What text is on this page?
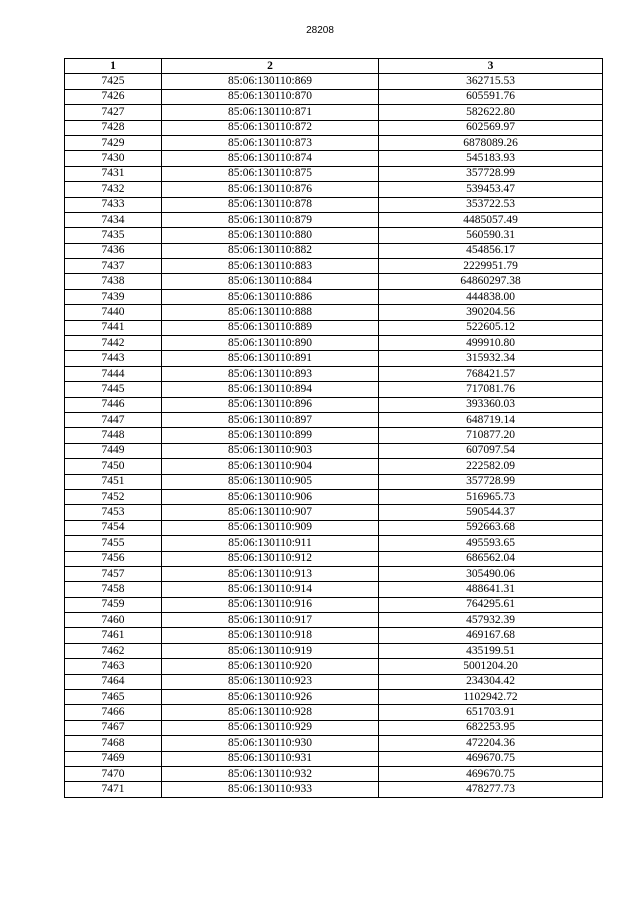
28208
1	2	3
7425	85:06:130110:869	362715.53
7426	85:06:130110:870	605591.76
7427	85:06:130110:871	582622.80
7428	85:06:130110:872	602569.97
7429	85:06:130110:873	6878089.26
7430	85:06:130110:874	545183.93
7431	85:06:130110:875	357728.99
7432	85:06:130110:876	539453.47
7433	85:06:130110:878	353722.53
7434	85:06:130110:879	4485057.49
7435	85:06:130110:880	560590.31
7436	85:06:130110:882	454856.17
7437	85:06:130110:883	2229951.79
7438	85:06:130110:884	64860297.38
7439	85:06:130110:886	444838.00
7440	85:06:130110:888	390204.56
7441	85:06:130110:889	522605.12
7442	85:06:130110:890	499910.80
7443	85:06:130110:891	315932.34
7444	85:06:130110:893	768421.57
7445	85:06:130110:894	717081.76
7446	85:06:130110:896	393360.03
7447	85:06:130110:897	648719.14
7448	85:06:130110:899	710877.20
7449	85:06:130110:903	607097.54
7450	85:06:130110:904	222582.09
7451	85:06:130110:905	357728.99
7452	85:06:130110:906	516965.73
7453	85:06:130110:907	590544.37
7454	85:06:130110:909	592663.68
7455	85:06:130110:911	495593.65
7456	85:06:130110:912	686562.04
7457	85:06:130110:913	305490.06
7458	85:06:130110:914	488641.31
7459	85:06:130110:916	764295.61
7460	85:06:130110:917	457932.39
7461	85:06:130110:918	469167.68
7462	85:06:130110:919	435199.51
7463	85:06:130110:920	5001204.20
7464	85:06:130110:923	234304.42
7465	85:06:130110:926	1102942.72
7466	85:06:130110:928	651703.91
7467	85:06:130110:929	682253.95
7468	85:06:130110:930	472204.36
7469	85:06:130110:931	469670.75
7470	85:06:130110:932	469670.75
7471	85:06:130110:933	478277.73
